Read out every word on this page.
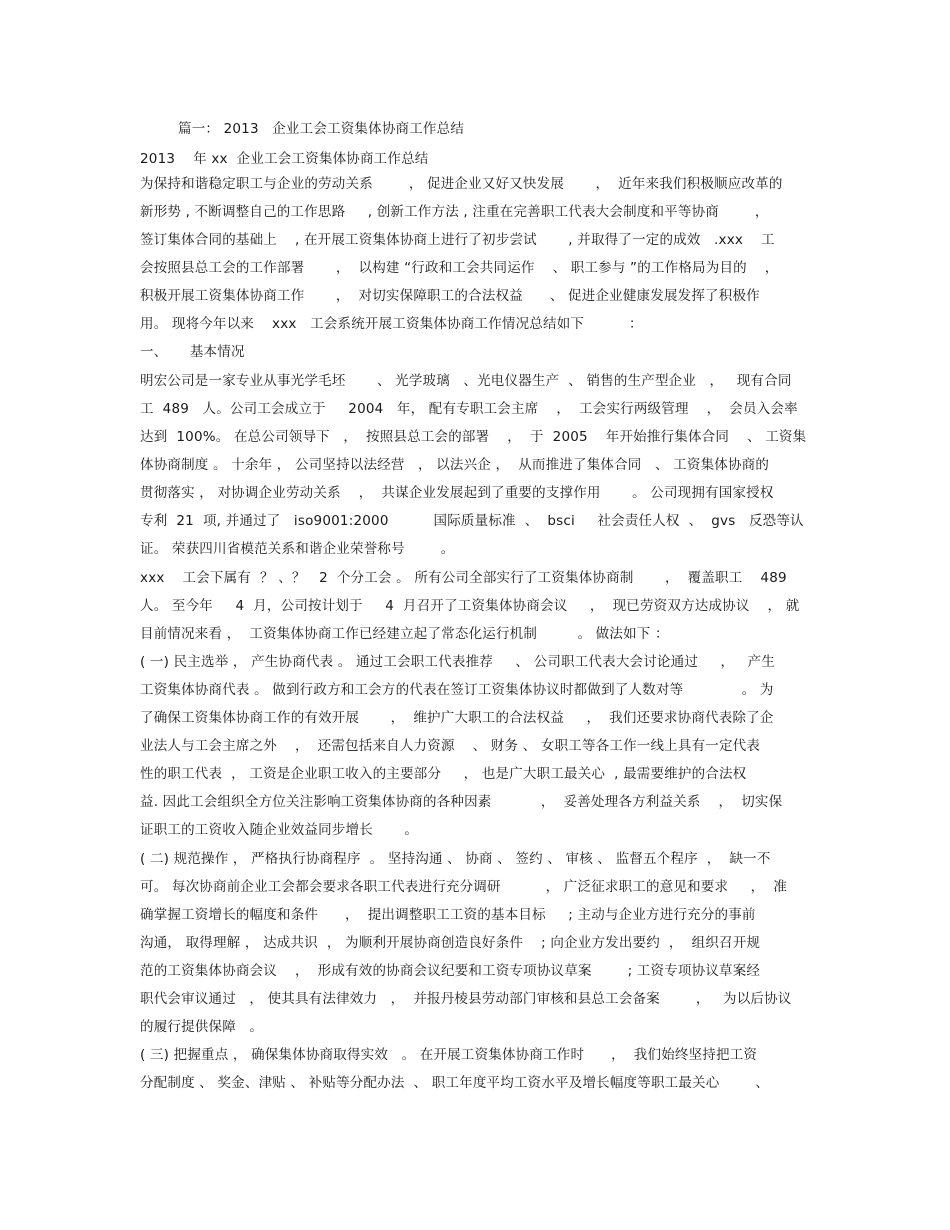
篇一： 2013   企业工会工资集体协商工作总结
2013    年 xx  企业工会工资集体协商工作总结
为保持和谐稳定职工与企业的劳动关系        ， 促进企业又好又快发展       ，  近年来我们积极顺应改革的
新形势 , 不断调整自己的工作思路     , 创新工作方法 , 注重在完善职工代表大会制度和平等协商        ，
签订集体合同的基础上    , 在开展工资集体协商上进行了初步尝试       , 并取得了一定的成效   .xxx    工
会按照县总工会的工作部署       ，  以构建 “行政和工会共同运作    、 职工参与 ”的工作格局为目的    ，
积极开展工资集体协商工作       ，  对切实保障职工的合法权益      、 促进企业健康发展发挥了积极作
用。 现将今年以来    xxx   工会系统开展工资集体协商工作情况总结如下          ：
一、     基本情况
明宏公司是一家专业从事光学毛坯       、 光学玻璃   、光电仪器生产  、 销售的生产型企业   ，   现有合同
工  489   人。公司工会成立于     2004   年， 配有专职工会主席    ，  工会实行两级管理    ，  会员入会率
达到  100%。 在总公司领导下   ，  按照县总工会的部署    ，  于  2005    年开始推行集体合同    、 工资集
体协商制度 。 十余年 ， 公司坚持以法经营   ， 以法兴企 ，  从而推进了集体合同   、 工资集体协商的
贯彻落实 ， 对协调企业劳动关系    ，  共谋企业发展起到了重要的支撑作用       。 公司现拥有国家授权
专利  21  项, 并通过了   iso9001:2000          国际质量标准  、  bsci     社会责任人权  、  gvs   反恐等认
证。 荣获四川省模范关系和谐企业荣誉称号        。
xxx    工会下属有  ？ 、？   2  个分工会 。 所有公司全部实行了工资集体协商制       ，  覆盖职工    489
人。 至今年     4  月，公司按计划于     4  月召开了工资集体协商会议     ，  现已劳资双方达成协议    ， 就
目前情况来看 ，  工资集体协商工作已经建立起了常态化运行机制         。 做法如下 ：
( 一) 民主选举 ， 产生协商代表 。 通过工会职工代表推荐     、 公司职工代表大会讨论通过     ，   产生
工资集体协商代表 。 做到行政方和工会方的代表在签订工资集体协议时都做到了人数对等             。 为
了确保工资集体协商工作的有效开展       ，  维护广大职工的合法权益     ，  我们还要求协商代表除了企
业法人与工会主席之外    ，  还需包括来自人力资源    、 财务 、 女职工等各工作一线上具有一定代表
性的职工代表  ， 工资是企业职工收入的主要部分     ， 也是广大职工最关心  , 最需要维护的合法权
益. 因此工会组织全方位关注影响工资集体协商的各种因素           ，  妥善处理各方利益关系    ，  切实保
证职工的工资收入随企业效益同步增长       。
( 二) 规范操作 ， 严格执行协商程序  。 坚持沟通 、 协商 、 签约 、 审核 、 监督五个程序  ，  缺一不
可。 每次协商前企业工会都会要求各职工代表进行充分调研          ， 广泛征求职工的意见和要求     ，  准
确掌握工资增长的幅度和条件      ，  提出调整职工工资的基本目标     ; 主动与企业方进行充分的事前
沟通， 取得理解 ， 达成共识  ， 为顺利开展协商创造良好条件    ; 向企业方发出要约  ，  组织召开规
范的工资集体协商会议    ，  形成有效的协商会议纪要和工资专项协议草案        ; 工资专项协议草案经
职代会审议通过   ， 使其具有法律效力   ，  并报丹棱县劳动部门审核和县总工会备案        ，   为以后协议
的履行提供保障   。
( 三) 把握重点 ， 确保集体协商取得实效   。 在开展工资集体协商工作时      ，  我们始终坚持把工资
分配制度 、 奖金、津贴 、 补贴等分配办法  、 职工年度平均工资水平及增长幅度等职工最关心        、
